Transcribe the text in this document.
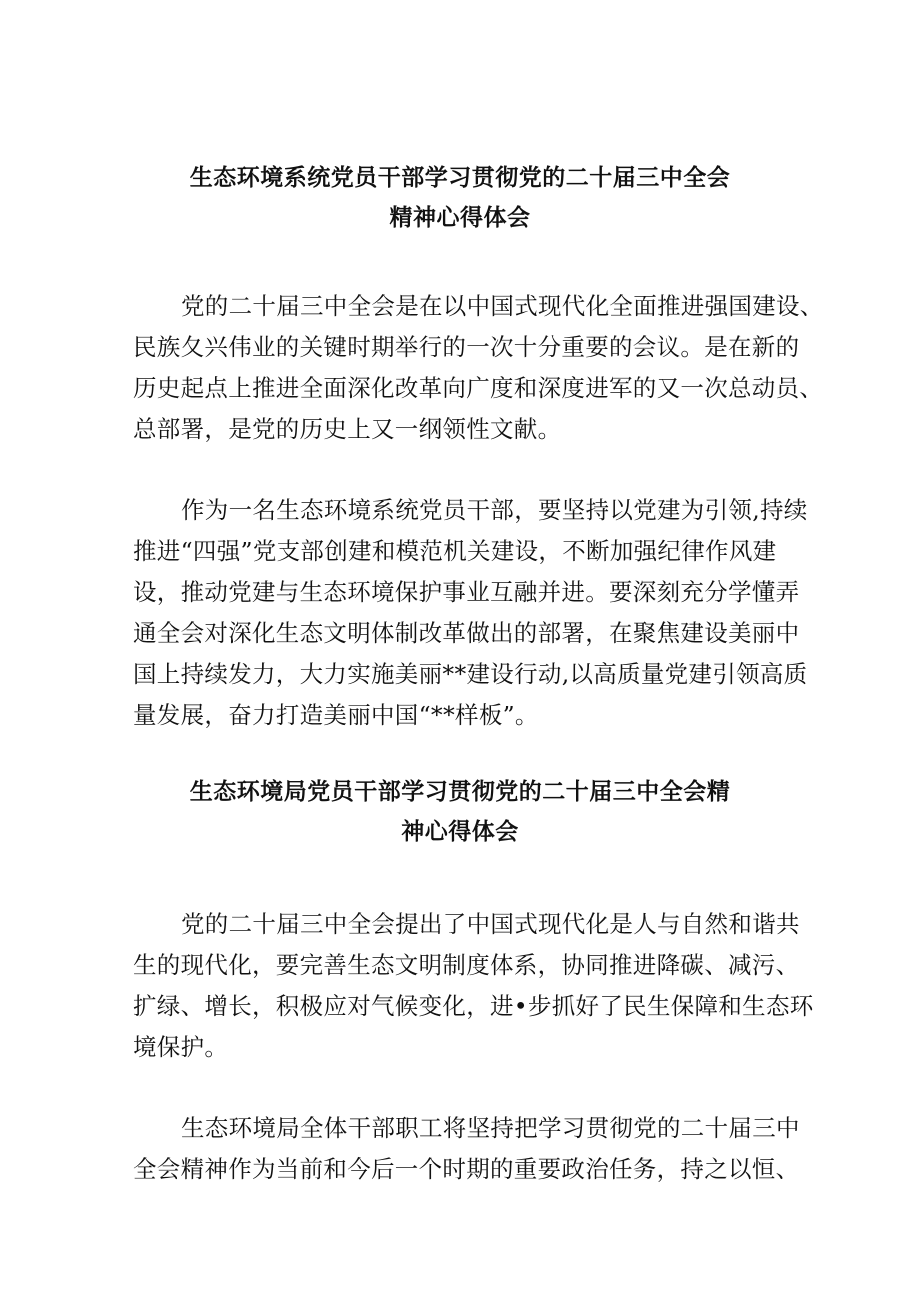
生态环境系统党员干部学习贯彻党的二十届三中全会
精神心得体会
党的二十届三中全会是在以中国式现代化全面推进强国建设、
民族夂兴伟业的关键时期举行的一次十分重要的会议。是在新的
历史起点上推进全面深化改革向广度和深度进军的又一次总动员、
总部署，是党的历史上又一纲领性文献。
作为一名生态环境系统党员干部，要坚持以党建为引领,持续
推进“四强”党支部创建和模范机关建设，不断加强纪律作风建
设，推动党建与生态环境保护事业互融并进。要深刻充分学懂弄
通全会对深化生态文明体制改革做出的部署，在聚焦建设美丽中
国上持续发力，大力实施美丽**建设行动,以高质量党建引领高质
量发展，奋力打造美丽中国“**样板”。
生态环境局党员干部学习贯彻党的二十届三中全会精
神心得体会
党的二十届三中全会提出了中国式现代化是人与自然和谐共
生的现代化，要完善生态文明制度体系，协同推进降碳、减污、
扩绿、增长，积极应对气候变化，进•步抓好了民生保障和生态环
境保护。
生态环境局全体干部职工将坚持把学习贯彻党的二十届三中
全会精神作为当前和今后一个时期的重要政治任务，持之以恒、
